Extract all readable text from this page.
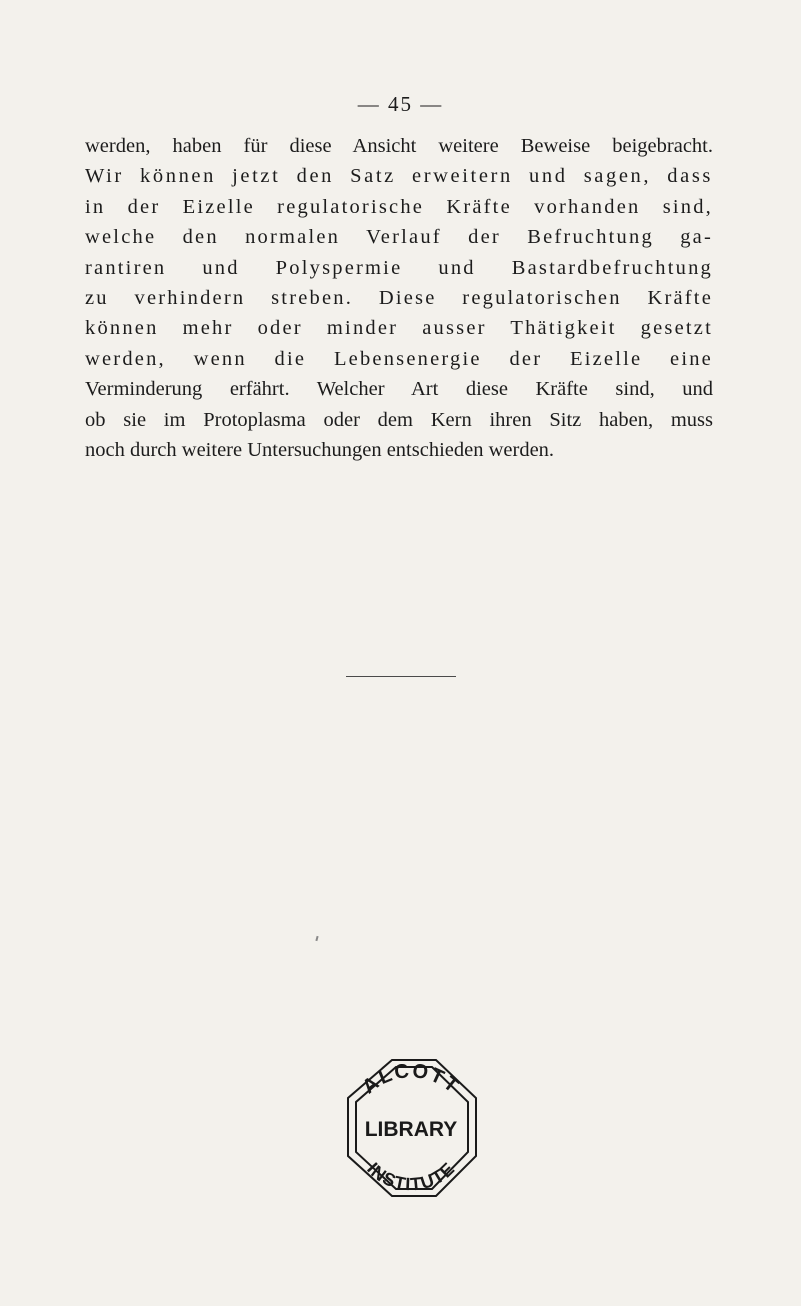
— 45 —
werden, haben für diese Ansicht weitere Beweise beigebracht.
Wir können jetzt den Satz erweitern und sagen, dass
in der Eizelle regulatorische Kräfte vorhanden sind,
welche den normalen Verlauf der Befruchtung ga-
rantiren und Polyspermie und Bastardbefruchtung
zu verhindern streben. Diese regulatorischen Kräfte
können mehr oder minder ausser Thätigkeit gesetzt
werden, wenn die Lebensenergie der Eizelle eine
Verminderung erfährt. Welcher Art diese Kräfte sind, und
ob sie im Protoplasma oder dem Kern ihren Sitz haben, muss
noch durch weitere Untersuchungen entschieden werden.
ALCOTT
LIBRARY
INSTITUTE
